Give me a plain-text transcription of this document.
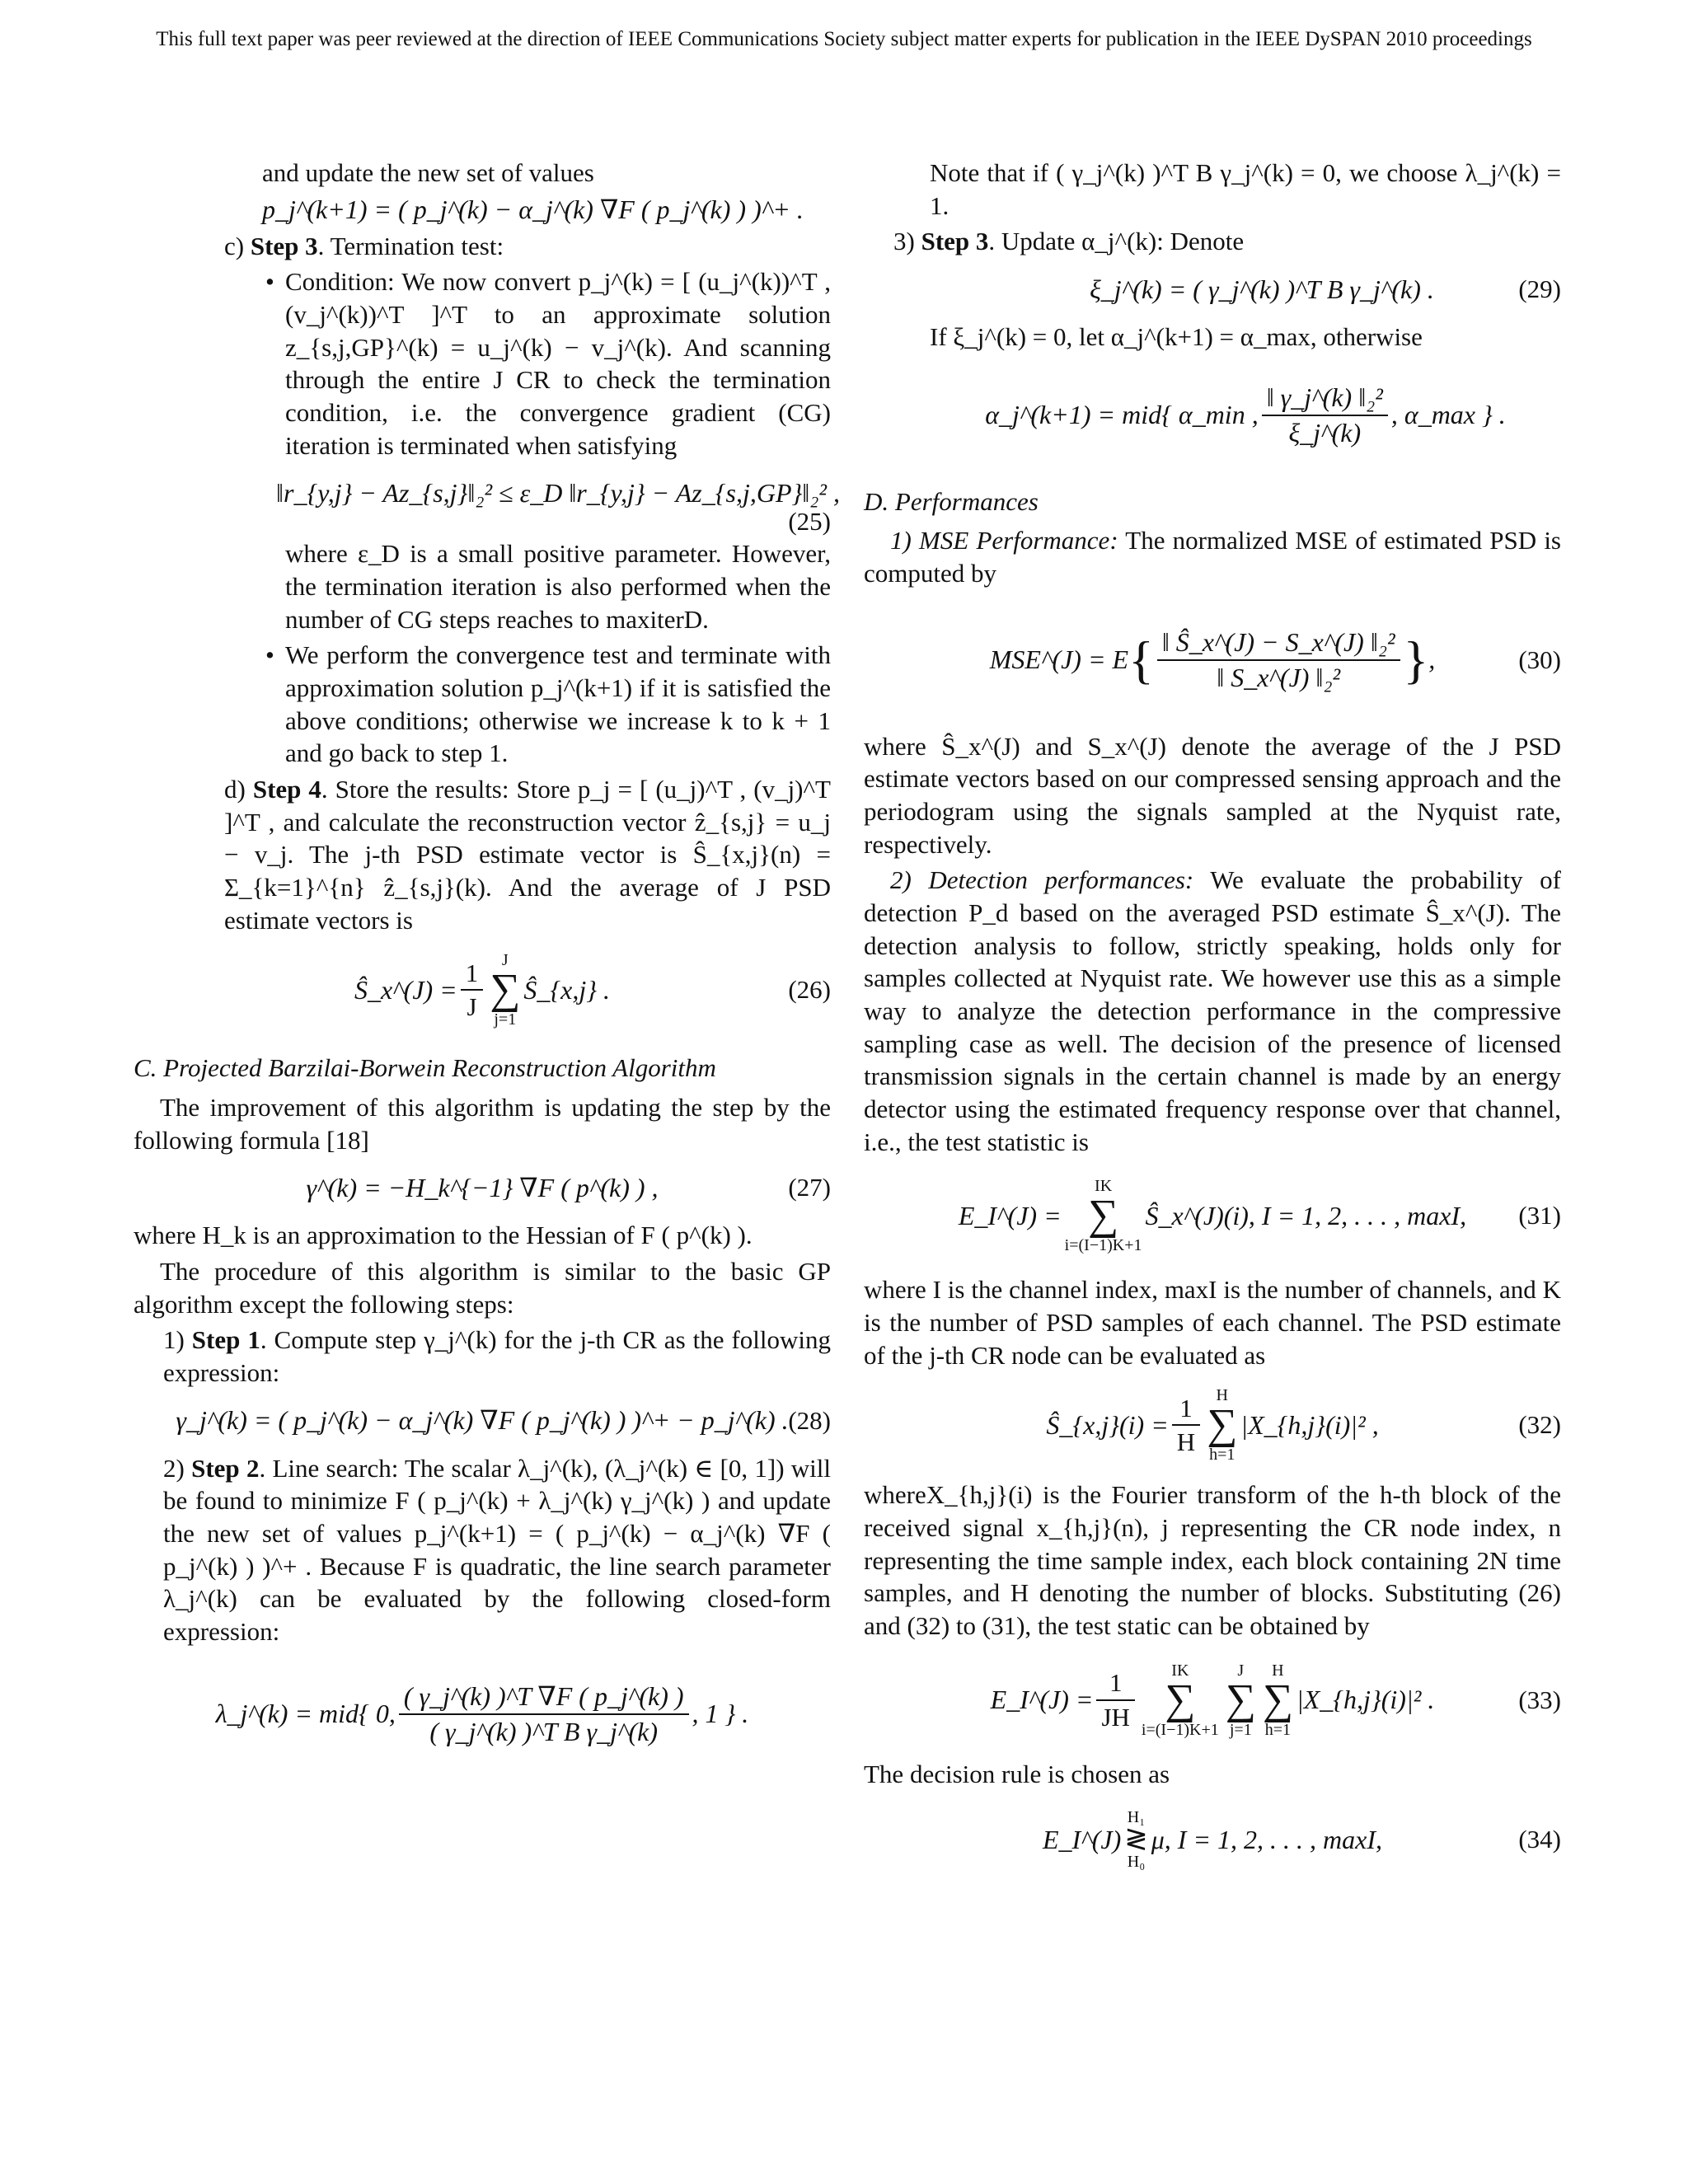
This full text paper was peer reviewed at the direction of IEEE Communications Society subject matter experts for publication in the IEEE DySPAN 2010 proceedings

and update the new set of values

p_j^(k+1) = ( p_j^(k) − α_j^(k) ∇F ( p_j^(k) ) )^+ .

c) Step 3. Termination test:

• Condition: We now convert p_j^(k) = [ (u_j^(k))^T , (v_j^(k))^T ]^T to an approximate solution z_{s,j,GP}^(k) = u_j^(k) − v_j^(k). And scanning through the entire J CR to check the termination condition, i.e. the convergence gradient (CG) iteration is terminated when satisfying

‖r_{y,j} − Az_{s,j}‖₂² ≤ ε_D ‖r_{y,j} − Az_{s,j,GP}‖₂² ,
(25)

where ε_D is a small positive parameter. However, the termination iteration is also performed when the number of CG steps reaches to maxiterD.

• We perform the convergence test and terminate with approximation solution p_j^(k+1) if it is satisfied the above conditions; otherwise we increase k to k + 1 and go back to step 1.

d) Step 4. Store the results: Store p_j = [ (u_j)^T , (v_j)^T ]^T , and calculate the reconstruction vector ẑ_{s,j} = u_j − v_j. The j-th PSD estimate vector is Ŝ_{x,j}(n) = Σ_{k=1}^{n} ẑ_{s,j}(k). And the average of J PSD estimate vectors is

Ŝ_x^(J) = $\frac{1}{J}$	J
∑
j=1
Ŝ_{x,j} .	(26)
C. Projected Barzilai-Borwein Reconstruction Algorithm

The improvement of this algorithm is updating the step by the following formula [18]

γ^(k) = −H_k^{−1} ∇F ( p^(k) ) ,	(27)

where H_k is an approximation to the Hessian of F ( p^(k) ).

The procedure of this algorithm is similar to the basic GP algorithm except the following steps:

1) Step 1. Compute step γ_j^(k) for the j-th CR as the following expression:

γ_j^(k) = ( p_j^(k) − α_j^(k) ∇F ( p_j^(k) ) )^+ − p_j^(k) . (28)

2) Step 2. Line search: The scalar λ_j^(k), (λ_j^(k) ∈ [0, 1]) will be found to minimize F ( p_j^(k) + λ_j^(k) γ_j^(k) ) and update the new set of values p_j^(k+1) = ( p_j^(k) − α_j^(k) ∇F ( p_j^(k) ) )^+ . Because F is quadratic, the line search parameter λ_j^(k) can be evaluated by the following closed-form expression:

λ_j^(k) = mid { 0, $\frac{( \gamma\_j\^{}(k) )\^{}T \nabla F ( p\_j\^{}(k) )}{\text{( γ\_j\textasciicircum{}(k) )\textasciicircum{}T B γ\_j\textasciicircum{}(k)}}$ , 1 } .

Note that if ( γ_j^(k) )^T B γ_j^(k) = 0, we choose λ_j^(k) = 1.

3) Step 3. Update α_j^(k): Denote

ξ_j^(k) = ( γ_j^(k) )^T B γ_j^(k) .	(29)

If ξ_j^(k) = 0, let α_j^(k+1) = α_max, otherwise

α_j^(k+1) = mid { α_min , $\frac{\text{‖ γ\_j\textasciicircum{}(k) ‖₂²}}{\xi\_j\^{}(k)}$ , α_max } .
D. Performances

1) MSE Performance: The normalized MSE of estimated PSD is computed by

MSE^(J) = E { $\frac{\text{‖ Ŝ\_x\textasciicircum{}(J) − S\_x\textasciicircum{}(J) ‖₂²}}{\text{‖ S\_x\textasciicircum{}(J) ‖₂²}}$ } ,	(30)

where Ŝ_x^(J) and S_x^(J) denote the average of the J PSD estimate vectors based on our compressed sensing approach and the periodogram using the signals sampled at the Nyquist rate, respectively.

2) Detection performances: We evaluate the probability of detection P_d based on the averaged PSD estimate Ŝ_x^(J). The detection analysis to follow, strictly speaking, holds only for samples collected at Nyquist rate. We however use this as a simple way to analyze the detection performance in the compressive sampling case as well. The decision of the presence of licensed transmission signals in the certain channel is made by an energy detector using the estimated frequency response over that channel, i.e., the test statistic is

E_I^(J) =
IK
∑
i=(I−1)K+1
Ŝ_x^(J)(i), I = 1, 2, . . . , maxI, (31)

where I is the channel index, maxI is the number of channels, and K is the number of PSD samples of each channel. The PSD estimate of the j-th CR node can be evaluated as

Ŝ_{x,j}(i) = $\frac{1}{H}$ H
∑
h=1
|X_{h,j}(i)|² ,	(32)

whereX_{h,j}(i) is the Fourier transform of the h-th block of the received signal x_{h,j}(n), j representing the CR node index, n representing the time sample index, each block containing 2N time samples, and H denoting the number of blocks. Substituting (26) and (32) to (31), the test static can be obtained by

E_I^(J) = $\frac{1}{JH}$	IK
∑
i=(I−1)K+1
J
∑
j=1
H
∑
h=1
|X_{h,j}(i)|² .	(33)

The decision rule is chosen as

E_I^(J)
H₁
≷
H₀
μ, I = 1, 2, . . . , maxI,	(34)
